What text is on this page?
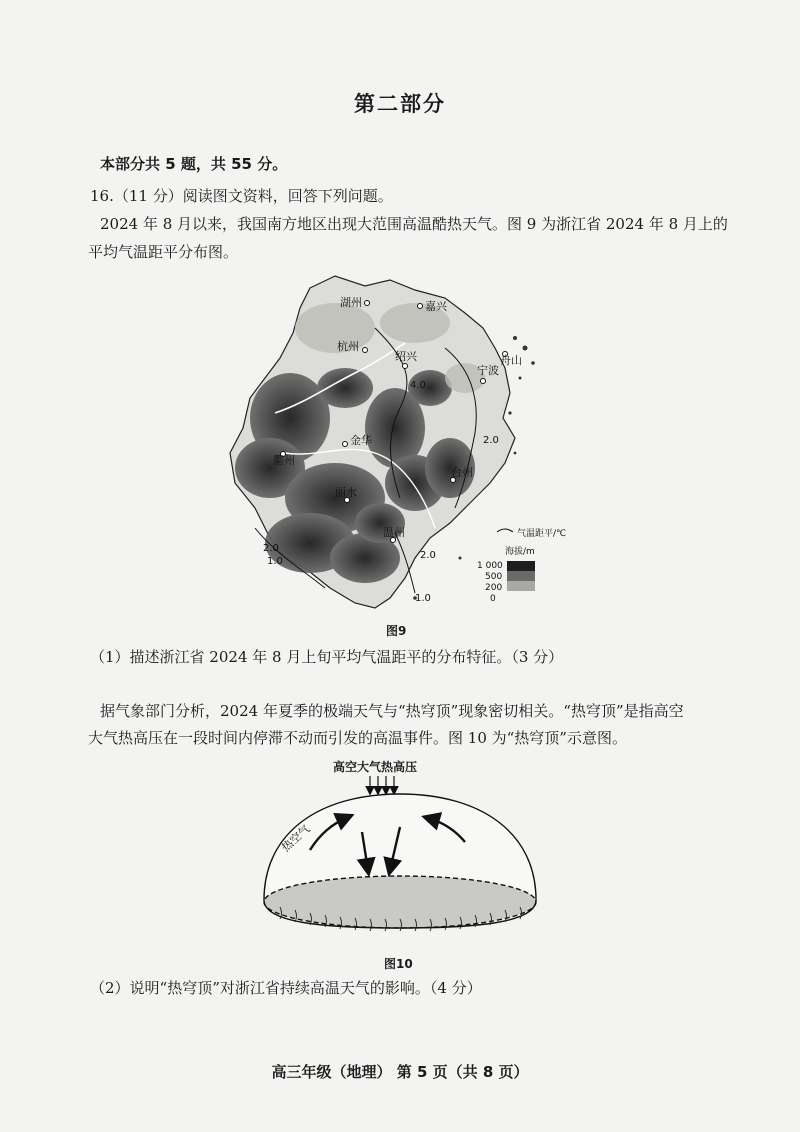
第二部分
本部分共 5 题，共 55 分。
16.（11 分）阅读图文资料，回答下列问题。
2024 年 8 月以来，我国南方地区出现大范围高温酷热天气。图 9 为浙江省 2024 年 8 月上的
平均气温距平分布图。
湖州	嘉兴
杭州
绍兴
宁波
舟山
金华
衢州
丽水
台州
温州
4.0
2.0
2.0
1.0
2.0
1.0
气温距平/℃
海拔/m
1 000
500
200
0
图9
（1）描述浙江省 2024 年 8 月上旬平均气温距平的分布特征。（3 分）
据气象部门分析，2024 年夏季的极端天气与“热穹顶”现象密切相关。“热穹顶”是指高空
大气热高压在一段时间内停滞不动而引发的高温事件。图 10 为“热穹顶”示意图。
高空大气热高压
热空气
图10
（2）说明“热穹顶”对浙江省持续高温天气的影响。（4 分）
高三年级（地理） 第 5 页（共 8 页）
